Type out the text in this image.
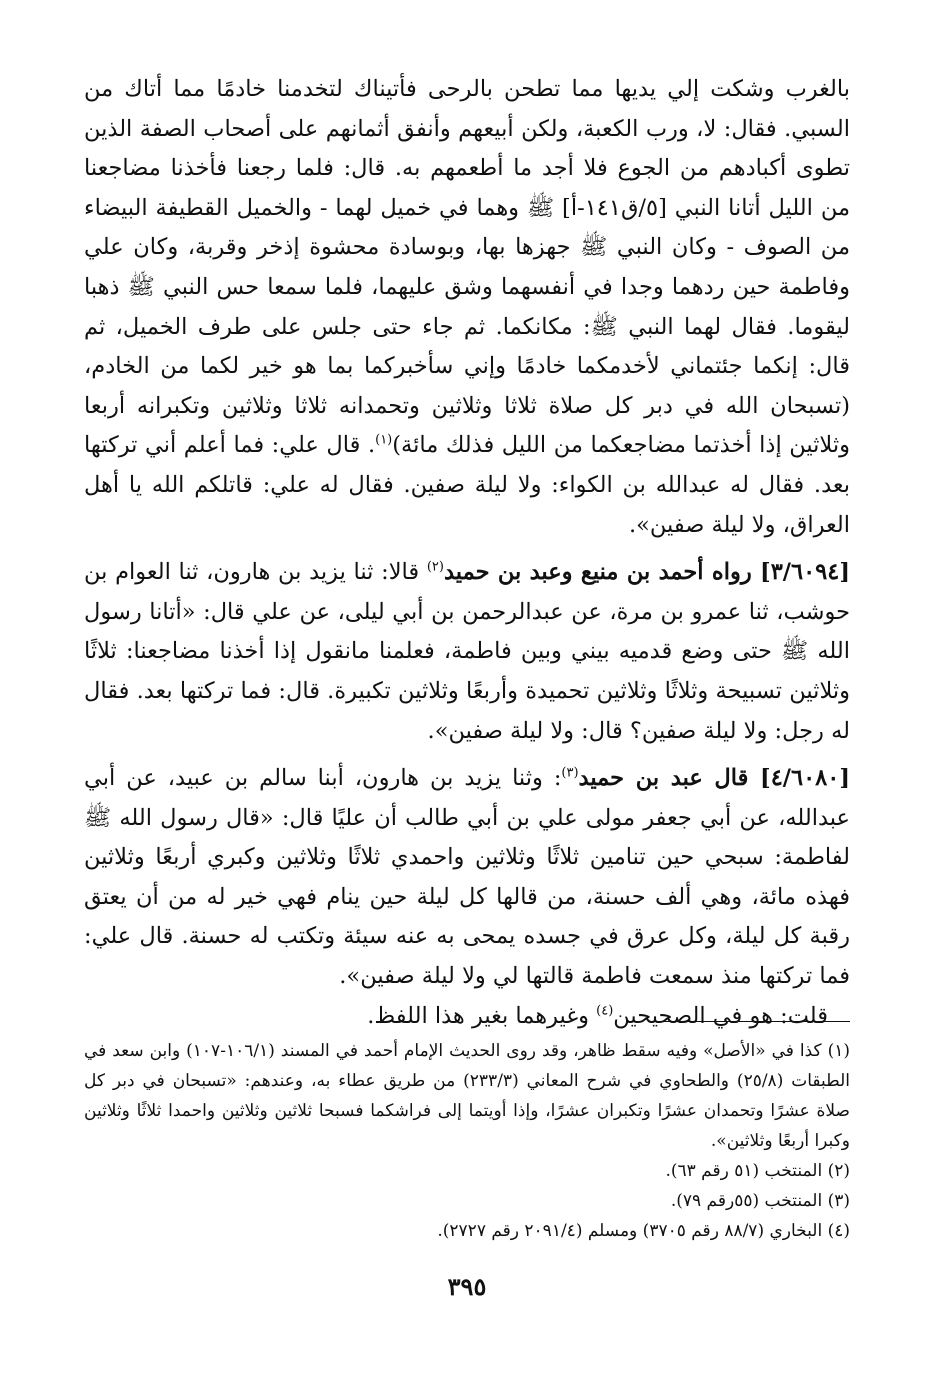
بالغرب وشكت إلي يديها مما تطحن بالرحى فأتيناك لتخدمنا خادمًا مما أتاك من السبي. فقال: لا، ورب الكعبة، ولكن أبيعهم وأنفق أثمانهم على أصحاب الصفة الذين تطوى أكبادهم من الجوع فلا أجد ما أطعمهم به. قال: فلما رجعنا فأخذنا مضاجعنا من الليل أتانا النبي [٥/ق١٤١-أ] ﷺ وهما في خميل لهما - والخميل القطيفة البيضاء من الصوف - وكان النبي ﷺ جهزها بها، وبوسادة محشوة إذخر وقربة، وكان علي وفاطمة حين ردهما وجدا في أنفسهما وشق عليهما، فلما سمعا حس النبي ﷺ ذهبا ليقوما. فقال لهما النبي ﷺ: مكانكما. ثم جاء حتى جلس على طرف الخميل، ثم قال: إنكما جئتماني لأخدمكما خادمًا وإني سأخبركما بما هو خير لكما من الخادم، (تسبحان الله في دبر كل صلاة ثلاثا وثلاثين وتحمدانه ثلاثا وثلاثين وتكبرانه أربعا وثلاثين إذا أخذتما مضاجعكما من الليل فذلك مائة)$^{(١)}$. قال علي: فما أعلم أني تركتها بعد. فقال له عبدالله بن الكواء: ولا ليلة صفين. فقال له علي: قاتلكم الله يا أهل العراق، ولا ليلة صفين».

[٣/٦٠٩٤] رواه أحمد بن منيع وعبد بن حميد$^{(٢)}$ قالا: ثنا يزيد بن هارون، ثنا العوام بن حوشب، ثنا عمرو بن مرة، عن عبدالرحمن بن أبي ليلى، عن علي قال: «أتانا رسول الله ﷺ حتى وضع قدميه بيني وبين فاطمة، فعلمنا مانقول إذا أخذنا مضاجعنا: ثلاثًا وثلاثين تسبيحة وثلاثًا وثلاثين تحميدة وأربعًا وثلاثين تكبيرة. قال: فما تركتها بعد. فقال له رجل: ولا ليلة صفين؟ قال: ولا ليلة صفين».

[٤/٦٠٨٠] قال عبد بن حميد$^{(٣)}$: وثنا يزيد بن هارون، أبنا سالم بن عبيد، عن أبي عبدالله، عن أبي جعفر مولى علي بن أبي طالب أن عليًا قال: «قال رسول الله ﷺ لفاطمة: سبحي حين تنامين ثلاثًا وثلاثين واحمدي ثلاثًا وثلاثين وكبري أربعًا وثلاثين فهذه مائة، وهي ألف حسنة، من قالها كل ليلة حين ينام فهي خير له من أن يعتق رقبة كل ليلة، وكل عرق في جسده يمحى به عنه سيئة وتكتب له حسنة. قال علي: فما تركتها منذ سمعت فاطمة قالتها لي ولا ليلة صفين».

قلت: هو في الصحيحين$^{(٤)}$ وغيرهما بغير هذا اللفظ.

(١) كذا في «الأصل» وفيه سقط ظاهر، وقد روى الحديث الإمام أحمد في المسند (١٠٦/١-١٠٧) وابن سعد في الطبقات (٢٥/٨) والطحاوي في شرح المعاني (٢٣٣/٣) من طريق عطاء به، وعندهم: «تسبحان في دبر كل صلاة عشرًا وتحمدان عشرًا وتكبران عشرًا، وإذا أويتما إلى فراشكما فسبحا ثلاثين وثلاثين واحمدا ثلاثًا وثلاثين وكبرا أربعًا وثلاثين».

(٢) المنتخب (٥١ رقم ٦٣).

(٣) المنتخب (٥٥رقم ٧٩).

(٤) البخاري (٨٨/٧ رقم ٣٧٠٥) ومسلم (٢٠٩١/٤ رقم ٢٧٢٧).

٣٩٥
